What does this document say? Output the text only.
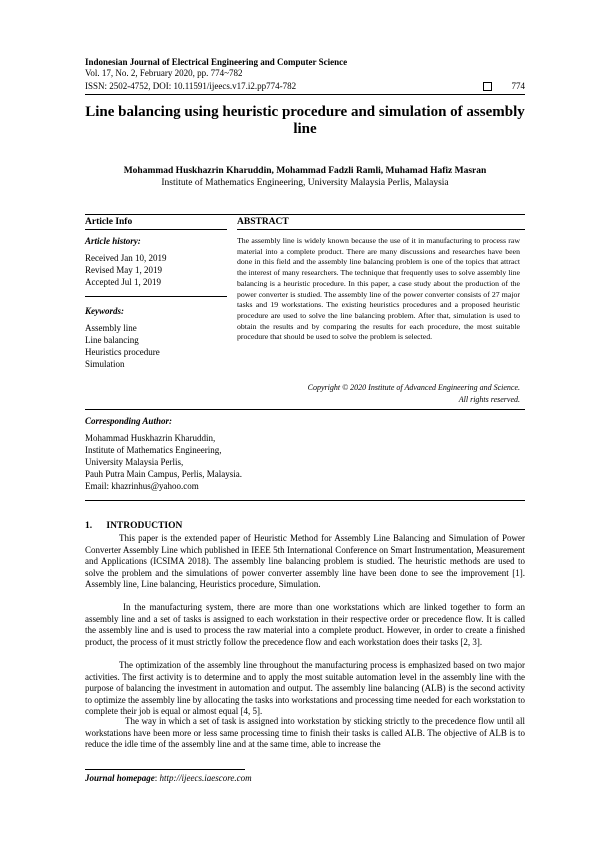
Indonesian Journal of Electrical Engineering and Computer Science
Vol. 17, No. 2, February 2020, pp. 774~782
ISSN: 2502-4752, DOI: 10.11591/ijeecs.v17.i2.pp774-782	774
Line balancing using heuristic procedure and simulation of assembly line
Mohammad Huskhazrin Kharuddin, Mohammad Fadzli Ramli, Muhamad Hafiz Masran
Institute of Mathematics Engineering, University Malaysia Perlis, Malaysia
Article Info	ABSTRACT
Article history:
Received Jan 10, 2019
Revised May 1, 2019
Accepted Jul 1, 2019
Keywords:
Assembly line
Line balancing
Heuristics procedure
Simulation
The assembly line is widely known because the use of it in manufacturing to process raw material into a complete product. There are many discussions and researches have been done in this field and the assembly line balancing problem is one of the topics that attract the interest of many researchers. The technique that frequently uses to solve assembly line balancing is a heuristic procedure. In this paper, a case study about the production of the power converter is studied. The assembly line of the power converter consists of 27 major tasks and 19 workstations. The existing heuristics procedures and a proposed heuristic procedure are used to solve the line balancing problem. After that, simulation is used to obtain the results and by comparing the results for each procedure, the most suitable procedure that should be used to solve the problem is selected.
Copyright © 2020 Institute of Advanced Engineering and Science.
All rights reserved.
Corresponding Author:
Mohammad Huskhazrin Kharuddin,
Institute of Mathematics Engineering,
University Malaysia Perlis,
Pauh Putra Main Campus, Perlis, Malaysia.
Email: khazrinhus@yahoo.com
1.      INTRODUCTION
This paper is the extended paper of Heuristic Method for Assembly Line Balancing and Simulation of Power Converter Assembly Line which published in IEEE 5th International Conference on Smart Instrumentation, Measurement and Applications (ICSIMA 2018). The assembly line balancing problem is studied. The heuristic methods are used to solve the problem and the simulations of power converter assembly line have been done to see the improvement [1]. Assembly line, Line balancing, Heuristics procedure, Simulation.
In the manufacturing system, there are more than one workstations which are linked together to form an assembly line and a set of tasks is assigned to each workstation in their respective order or precedence flow. It is called the assembly line and is used to process the raw material into a complete product. However, in order to create a finished product, the process of it must strictly follow the precedence flow and each workstation does their tasks [2, 3].
The optimization of the assembly line throughout the manufacturing process is emphasized based on two major activities. The first activity is to determine and to apply the most suitable automation level in the assembly line with the purpose of balancing the investment in automation and output. The assembly line balancing (ALB) is the second activity to optimize the assembly line by allocating the tasks into workstations and processing time needed for each workstation to complete their job is equal or almost equal [4, 5].
The way in which a set of task is assigned into workstation by sticking strictly to the precedence flow until all workstations have been more or less same processing time to finish their tasks is called ALB. The objective of ALB is to reduce the idle time of the assembly line and at the same time, able to increase the
Journal homepage: http://ijeecs.iaescore.com
